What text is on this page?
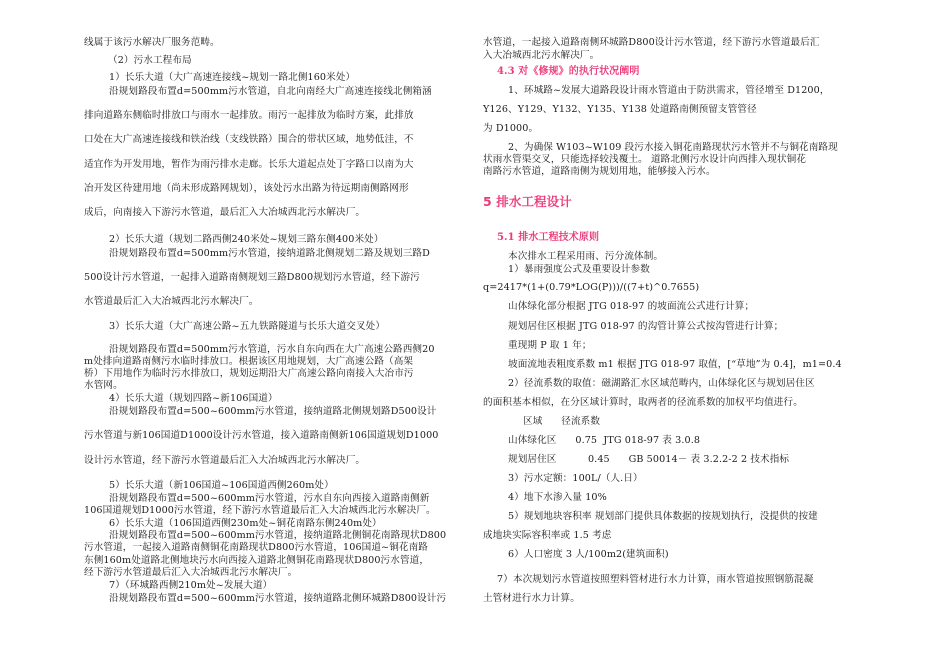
线属于该污水解决厂服务范畴。
（2）污水工程布局
1）长乐大道（大广高速连接线~规划一路北侧160米处）
沿规划路段布置d=500mm污水管道，自北向南经大广高速连接线北侧箱涵
排向道路东侧临时排放口与雨水一起排放。雨污一起排放为临时方案，此排放
口处在大广高速连接线和铁治线（支线铁路）围合的带状区域，地势低洼，不
适宜作为开发用地，暂作为雨污排水走廊。长乐大道起点处丁字路口以南为大
冶开发区待建用地（尚未形成路网规划），该处污水出路为待远期南侧路网形
成后，向南接入下游污水管道，最后汇入大冶城西北污水解决厂。
2）长乐大道（规划二路西侧240米处~规划三路东侧400米处）
沿规划路段布置d=500mm污水管道，接纳道路北侧规划二路及规划三路D
500设计污水管道，一起排入道路南侧规划三路D800规划污水管道，经下游污
水管道最后汇入大冶城西北污水解决厂。
3）长乐大道（大广高速公路~五九铁路隧道与长乐大道交叉处）
沿规划路段布置d=500mm污水管道，污水自东向西在大广高速公路西侧20
m处排向道路南侧污水临时排放口。根据该区用地规划，大广高速公路（高架
桥）下用地作为临时污水排放口，规划远期沿大广高速公路向南接入大冶市污
水管网。
4）长乐大道（规划四路~新106国道）
沿规划路段布置d=500~600mm污水管道，接纳道路北侧规划路D500设计
污水管道与新106国道D1000设计污水管道，接入道路南侧新106国道规划D1000
设计污水管道，经下游污水管道最后汇入大冶城西北污水解决厂。
5）长乐大道（新106国道~106国道西侧260m处）
沿规划路段布置d=500~600mm污水管道，污水自东向西接入道路南侧新
106国道规划D1000污水管道，经下游污水管道最后汇入大冶城西北污水解决厂。
6）长乐大道（106国道西侧230m处~铜花南路东侧240m处）
沿规划路段布置d=500~600mm污水管道，接纳道路北侧铜花南路现状D800
污水管道，一起接入道路南侧铜花南路现状D800污水管道，106国道~铜花南路
东侧160m处道路北侧地块污水向西接入道路北侧铜花南路现状D800污水管道，
经下游污水管道最后汇入大冶城西北污水解决厂。
7）（环城路西侧210m处~发展大道）
沿规划路段布置d=500~600mm污水管道，接纳道路北侧环城路D800设计污
水管道，一起接入道路南侧环城路D800设计污水管道，经下游污水管道最后汇
入大冶城西北污水解决厂。
4.3 对《修规》的执行状况阐明
1、环城路~发展大道路段设计雨水管道由于防洪需求，管径增至 D1200，
Y126、Y129、Y132、Y135、Y138 处道路南侧预留支管管径
为 D1000。
2、为确保 W103~W109 段污水接入铜花南路现状污水管并不与铜花南路现
状雨水管渠交叉，只能选择较浅覆土。 道路北侧污水设计向西排入现状铜花
南路污水管道，道路南侧为规划用地，能够接入污水。
5 排水工程设计
5.1 排水工程技术原则
本次排水工程采用雨、污分流体制。
1）暴雨强度公式及重要设计参数
q=2417*(1+(0.79*LOG(P)))/((7+t)^0.7655)
山体绿化部分根据 JTG 018-97 的坡面流公式进行计算；
规划居住区根据 JTG 018-97 的沟管计算公式按沟管进行计算；
重现期 P 取 1 年；
坡面流地表粗度系数 m1 根据 JTG 018-97 取值，[“草地”为 0.4]，m1=0.4
2）径流系数的取值：磁湖路汇水区域范畴内，山体绿化区与规划居住区
的面积基本相似，在分区域计算时，取两者的径流系数的加权平均值进行。
区域      径流系数
山体绿化区      0.75  JTG 018-97 表 3.0.8
规划居住区          0.45      GB 50014－ 表 3.2.2-2 2 技术指标
3）污水定额：100L/（人.日）
4）地下水渗入量 10%
5）规划地块容积率 规划部门提供具体数据的按规划执行，没提供的按建
成地块实际容积率或 1.5 考虑
6）人口密度 3 人/100m2(建筑面积)
7）本次规划污水管道按照塑料管材进行水力计算，雨水管道按照钢筋混凝
土管材进行水力计算。
